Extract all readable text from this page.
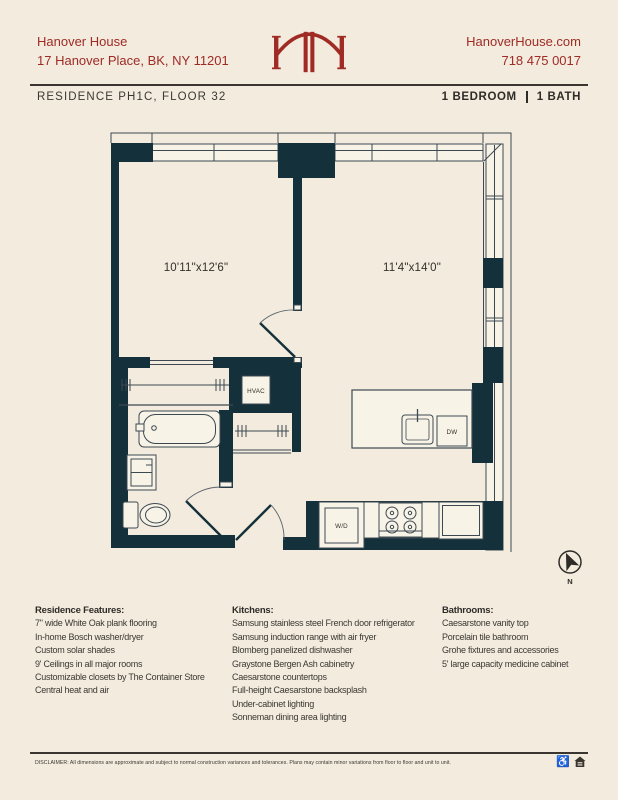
Hanover House
17 Hanover Place, BK, NY 11201
HanoverHouse.com
718 475 0017
RESIDENCE PH1C, FLOOR 32	1 BEDROOM 1 BATH
HVAC
W/D
DW
10'11"x12'6"	11'4"x14'0"
N
Residence Features:
7" wide White Oak plank flooring
In-home Bosch washer/dryer
Custom solar shades
9' Ceilings in all major rooms
Customizable closets by The Container Store
Central heat and air
Kitchens:
Samsung stainless steel French door refrigerator
Samsung induction range with air fryer
Blomberg panelized dishwasher
Graystone Bergen Ash cabinetry
Caesarstone countertops
Full-height Caesarstone backsplash
Under-cabinet lighting
Sonneman dining area lighting
Bathrooms:
Caesarstone vanity top
Porcelain tile bathroom
Grohe fixtures and accessories
5' large capacity medicine cabinet
DISCLAIMER: All dimensions are approximate and subject to normal construction variances and tolerances. Plans may contain minor variations from floor to floor and unit to unit.	♿
